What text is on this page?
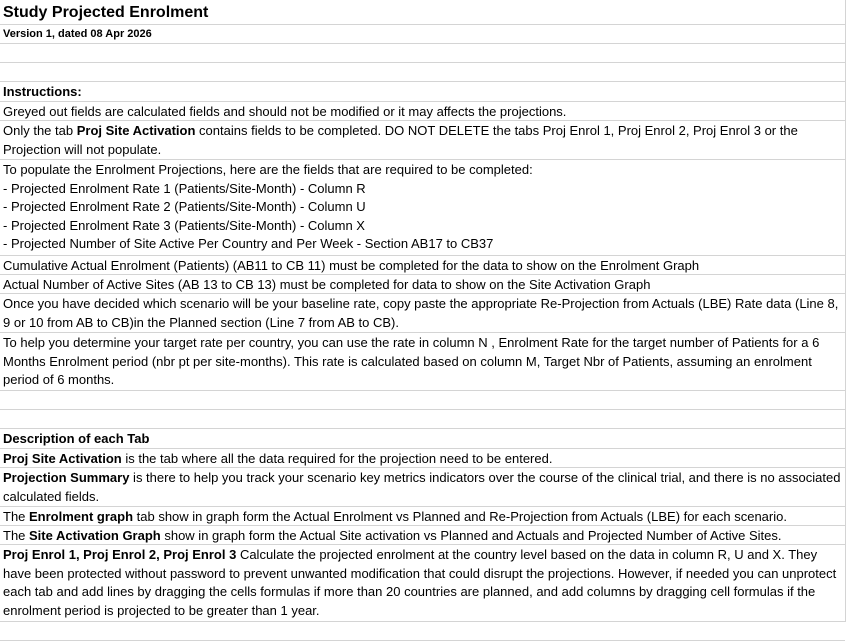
Study Projected Enrolment
Version 1, dated 08 Apr 2026
Instructions:
Greyed out fields are calculated fields and should not be modified or it may affects the projections.
Only the tab Proj Site Activation contains fields to be completed. DO NOT DELETE the tabs Proj Enrol 1, Proj Enrol 2, Proj Enrol 3 or the Projection will not populate.
To populate the Enrolment Projections, here are the fields that are required to be completed:
- Projected Enrolment Rate 1 (Patients/Site-Month) - Column R
- Projected Enrolment Rate 2 (Patients/Site-Month) - Column U
- Projected Enrolment Rate 3 (Patients/Site-Month) - Column X
- Projected Number of Site Active Per Country and Per Week - Section AB17 to CB37
Cumulative Actual Enrolment (Patients) (AB11 to CB 11) must be completed for the data to show on the Enrolment Graph
Actual Number of Active Sites (AB 13 to CB 13) must be completed for data to show on the Site Activation Graph
Once you have decided which scenario will be your baseline rate, copy paste the appropriate Re-Projection from Actuals (LBE) Rate data (Line 8, 9 or 10 from AB to CB)in the Planned section (Line 7 from AB to CB).
To help you determine your target rate per country, you can use the rate in column N , Enrolment Rate for the target number of Patients for a 6 Months Enrolment period (nbr pt per site-months). This rate is calculated based on column M, Target Nbr of Patients, assuming an enrolment period of 6 months.
Description of each Tab
Proj Site Activation is the tab where all the data required for the projection need to be entered.
Projection Summary is there to help you track your scenario key metrics indicators over the course of the clinical trial, and there is no associated calculated fields.
The Enrolment graph tab show in graph form the Actual Enrolment vs Planned and Re-Projection from Actuals (LBE) for each scenario.
The Site Activation Graph show in graph form the Actual Site activation vs Planned and Actuals and Projected Number of Active Sites.
Proj Enrol 1, Proj Enrol 2, Proj Enrol 3 Calculate the projected enrolment at the country level based on the data in column R, U and X. They have been protected without password to prevent unwanted modification that could disrupt the projections. However, if needed you can unprotect each tab and add lines by dragging the cells formulas if more than 20 countries are planned, and add columns by dragging cell formulas if the enrolment period is projected to be greater than 1 year.
